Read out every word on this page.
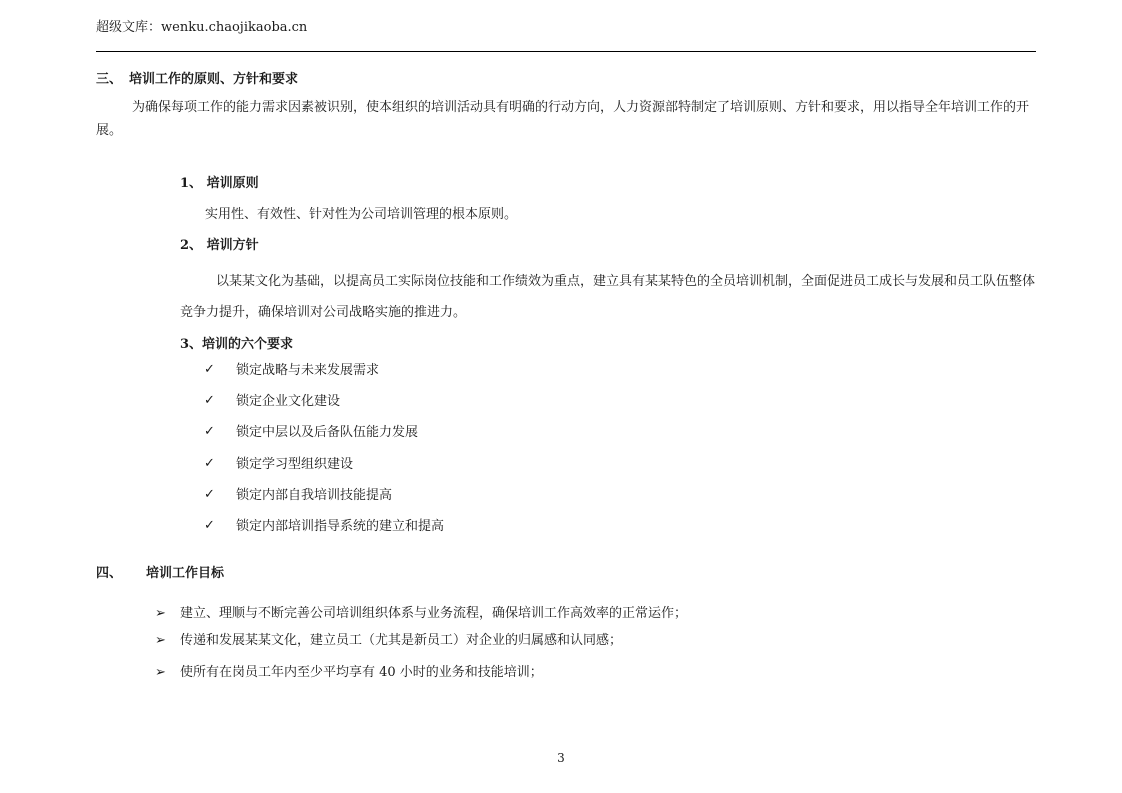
超级文库：wenku.chaojikaoba.cn
三、 培训工作的原则、方针和要求
为确保每项工作的能力需求因素被识别，使本组织的培训活动具有明确的行动方向，人力资源部特制定了培训原则、方针和要求，用以指导全年培训工作的开展。
1、 培训原则
实用性、有效性、针对性为公司培训管理的根本原则。
2、 培训方针
以某某文化为基础，以提高员工实际岗位技能和工作绩效为重点，建立具有某某特色的全员培训机制，全面促进员工成长与发展和员工队伍整体竞争力提升，确保培训对公司战略实施的推进力。
3、培训的六个要求
✓ 锁定战略与未来发展需求
✓ 锁定企业文化建设
✓ 锁定中层以及后备队伍能力发展
✓ 锁定学习型组织建设
✓ 锁定内部自我培训技能提高
✓ 锁定内部培训指导系统的建立和提高
四、 培训工作目标
➢ 建立、理顺与不断完善公司培训组织体系与业务流程，确保培训工作高效率的正常运作；
➢ 传递和发展某某文化，建立员工（尤其是新员工）对企业的归属感和认同感；
➢ 使所有在岗员工年内至少平均享有 40 小时的业务和技能培训；
3
